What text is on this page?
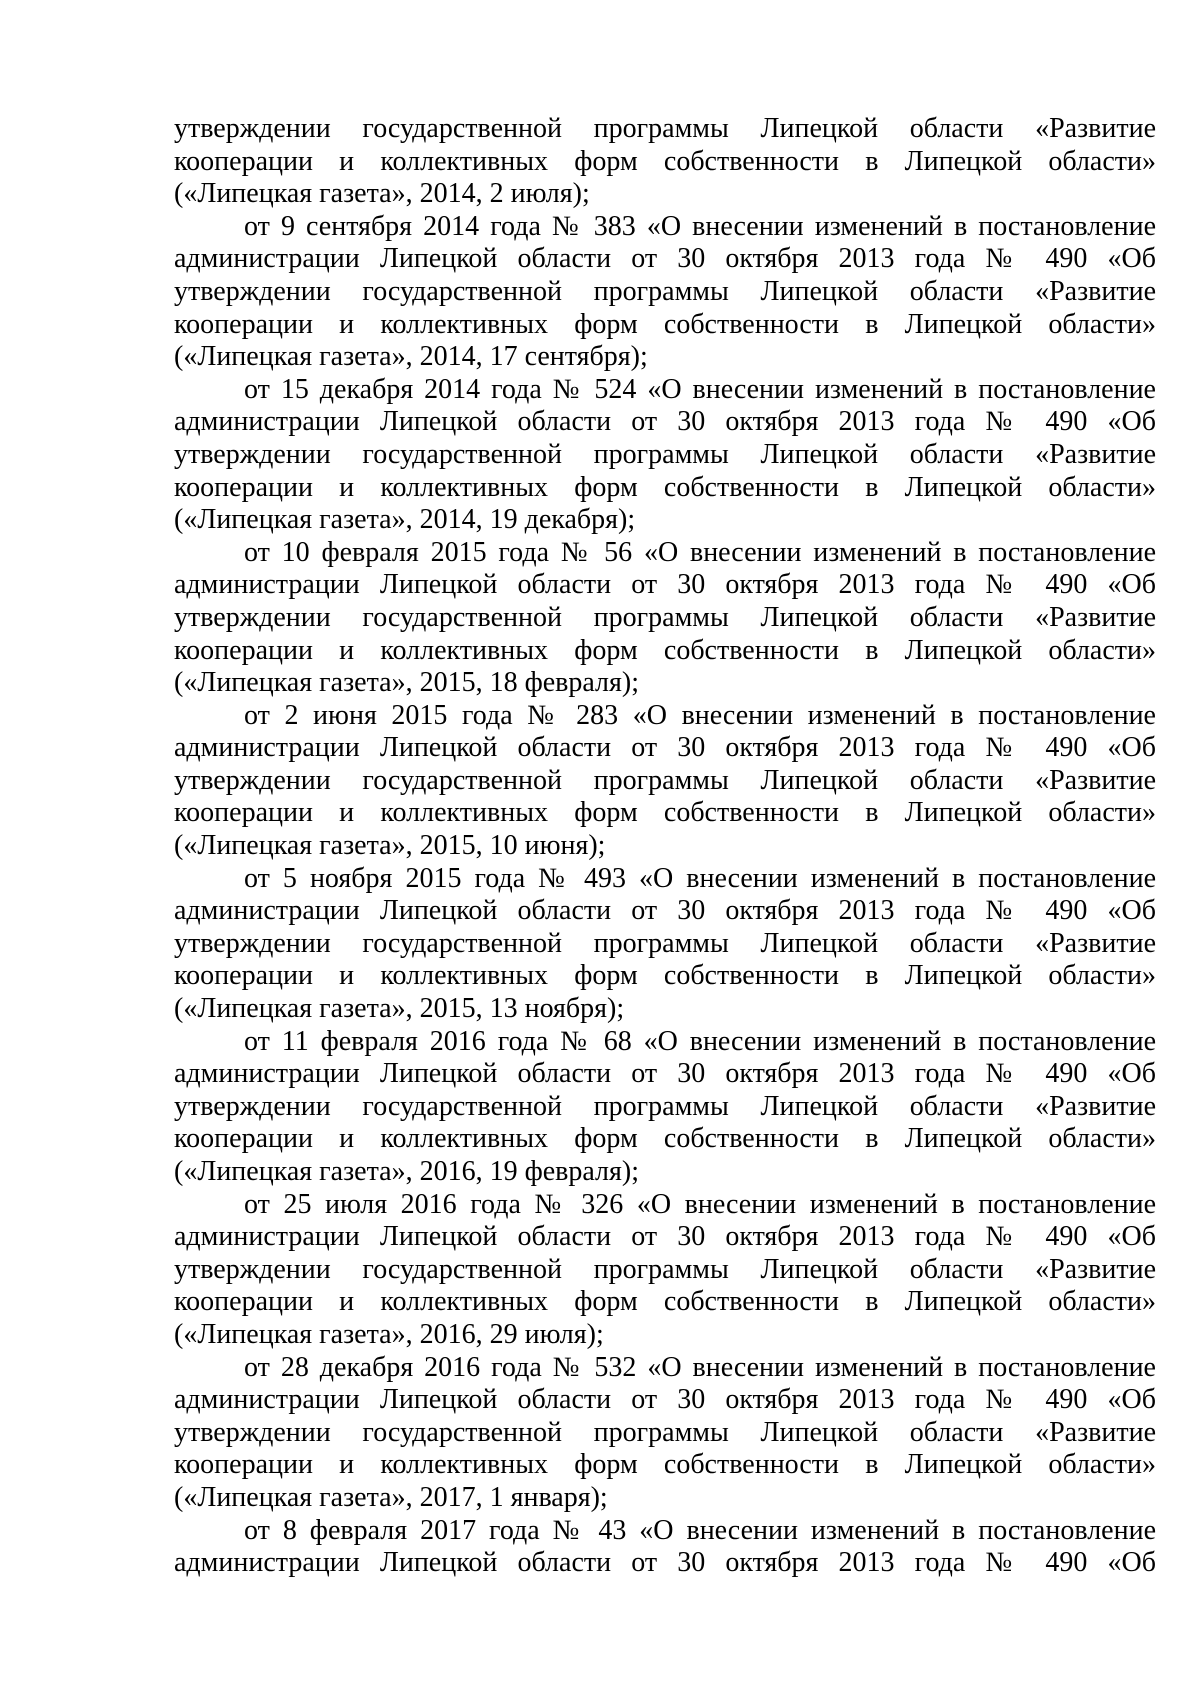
утверждении государственной программы Липецкой области «Развитие
кооперации и коллективных форм собственности в Липецкой области»
(«Липецкая газета», 2014, 2 июля);
от 9 сентября 2014 года № 383 «О внесении изменений в постановление
администрации Липецкой области от 30 октября 2013 года № 490 «Об
утверждении государственной программы Липецкой области «Развитие
кооперации и коллективных форм собственности в Липецкой области»
(«Липецкая газета», 2014, 17 сентября);
от 15 декабря 2014 года № 524 «О внесении изменений в постановление
администрации Липецкой области от 30 октября 2013 года № 490 «Об
утверждении государственной программы Липецкой области «Развитие
кооперации и коллективных форм собственности в Липецкой области»
(«Липецкая газета», 2014, 19 декабря);
от 10 февраля 2015 года № 56 «О внесении изменений в постановление
администрации Липецкой области от 30 октября 2013 года № 490 «Об
утверждении государственной программы Липецкой области «Развитие
кооперации и коллективных форм собственности в Липецкой области»
(«Липецкая газета», 2015, 18 февраля);
от 2 июня 2015 года № 283 «О внесении изменений в постановление
администрации Липецкой области от 30 октября 2013 года № 490 «Об
утверждении государственной программы Липецкой области «Развитие
кооперации и коллективных форм собственности в Липецкой области»
(«Липецкая газета», 2015, 10 июня);
от 5 ноября 2015 года № 493 «О внесении изменений в постановление
администрации Липецкой области от 30 октября 2013 года № 490 «Об
утверждении государственной программы Липецкой области «Развитие
кооперации и коллективных форм собственности в Липецкой области»
(«Липецкая газета», 2015, 13 ноября);
от 11 февраля 2016 года № 68 «О внесении изменений в постановление
администрации Липецкой области от 30 октября 2013 года № 490 «Об
утверждении государственной программы Липецкой области «Развитие
кооперации и коллективных форм собственности в Липецкой области»
(«Липецкая газета», 2016, 19 февраля);
от 25 июля 2016 года № 326 «О внесении изменений в постановление
администрации Липецкой области от 30 октября 2013 года № 490 «Об
утверждении государственной программы Липецкой области «Развитие
кооперации и коллективных форм собственности в Липецкой области»
(«Липецкая газета», 2016, 29 июля);
от 28 декабря 2016 года № 532 «О внесении изменений в постановление
администрации Липецкой области от 30 октября 2013 года № 490 «Об
утверждении государственной программы Липецкой области «Развитие
кооперации и коллективных форм собственности в Липецкой области»
(«Липецкая газета», 2017, 1 января);
от 8 февраля 2017 года № 43 «О внесении изменений в постановление
администрации Липецкой области от 30 октября 2013 года № 490 «Об
